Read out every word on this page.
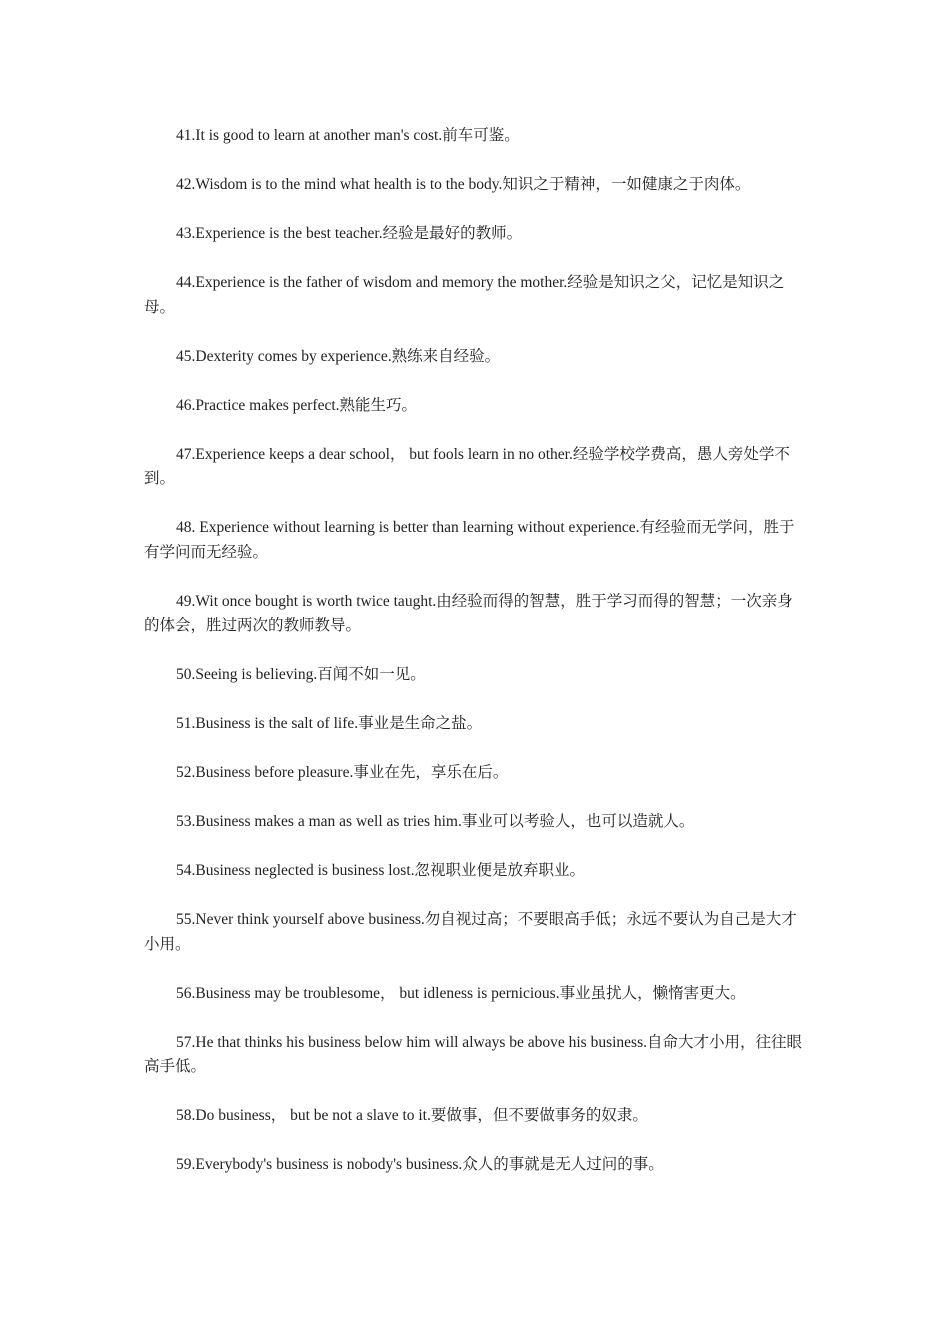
41.It is good to learn at another man's cost.前车可鉴。

42.Wisdom is to the mind what health is to the body.知识之于精神，一如健康之于肉体。

43.Experience is the best teacher.经验是最好的教师。

44.Experience is the father of wisdom and memory the mother.经验是知识之父，记忆是知识之母。

45.Dexterity comes by experience.熟练来自经验。

46.Practice makes perfect.熟能生巧。

47.Experience keeps a dear school， but fools learn in no other.经验学校学费高，愚人旁处学不到。

48. Experience without learning is better than learning without experience.有经验而无学问，胜于有学问而无经验。

49.Wit once bought is worth twice taught.由经验而得的智慧，胜于学习而得的智慧；一次亲身的体会，胜过两次的教师教导。

50.Seeing is believing.百闻不如一见。

51.Business is the salt of life.事业是生命之盐。

52.Business before pleasure.事业在先，享乐在后。

53.Business makes a man as well as tries him.事业可以考验人，也可以造就人。

54.Business neglected is business lost.忽视职业便是放弃职业。

55.Never think yourself above business.勿自视过高；不要眼高手低；永远不要认为自己是大才小用。

56.Business may be troublesome， but idleness is pernicious.事业虽扰人，懒惰害更大。

57.He that thinks his business below him will always be above his business.自命大才小用，往往眼高手低。

58.Do business， but be not a slave to it.要做事，但不要做事务的奴隶。

59.Everybody's business is nobody's business.众人的事就是无人过问的事。
